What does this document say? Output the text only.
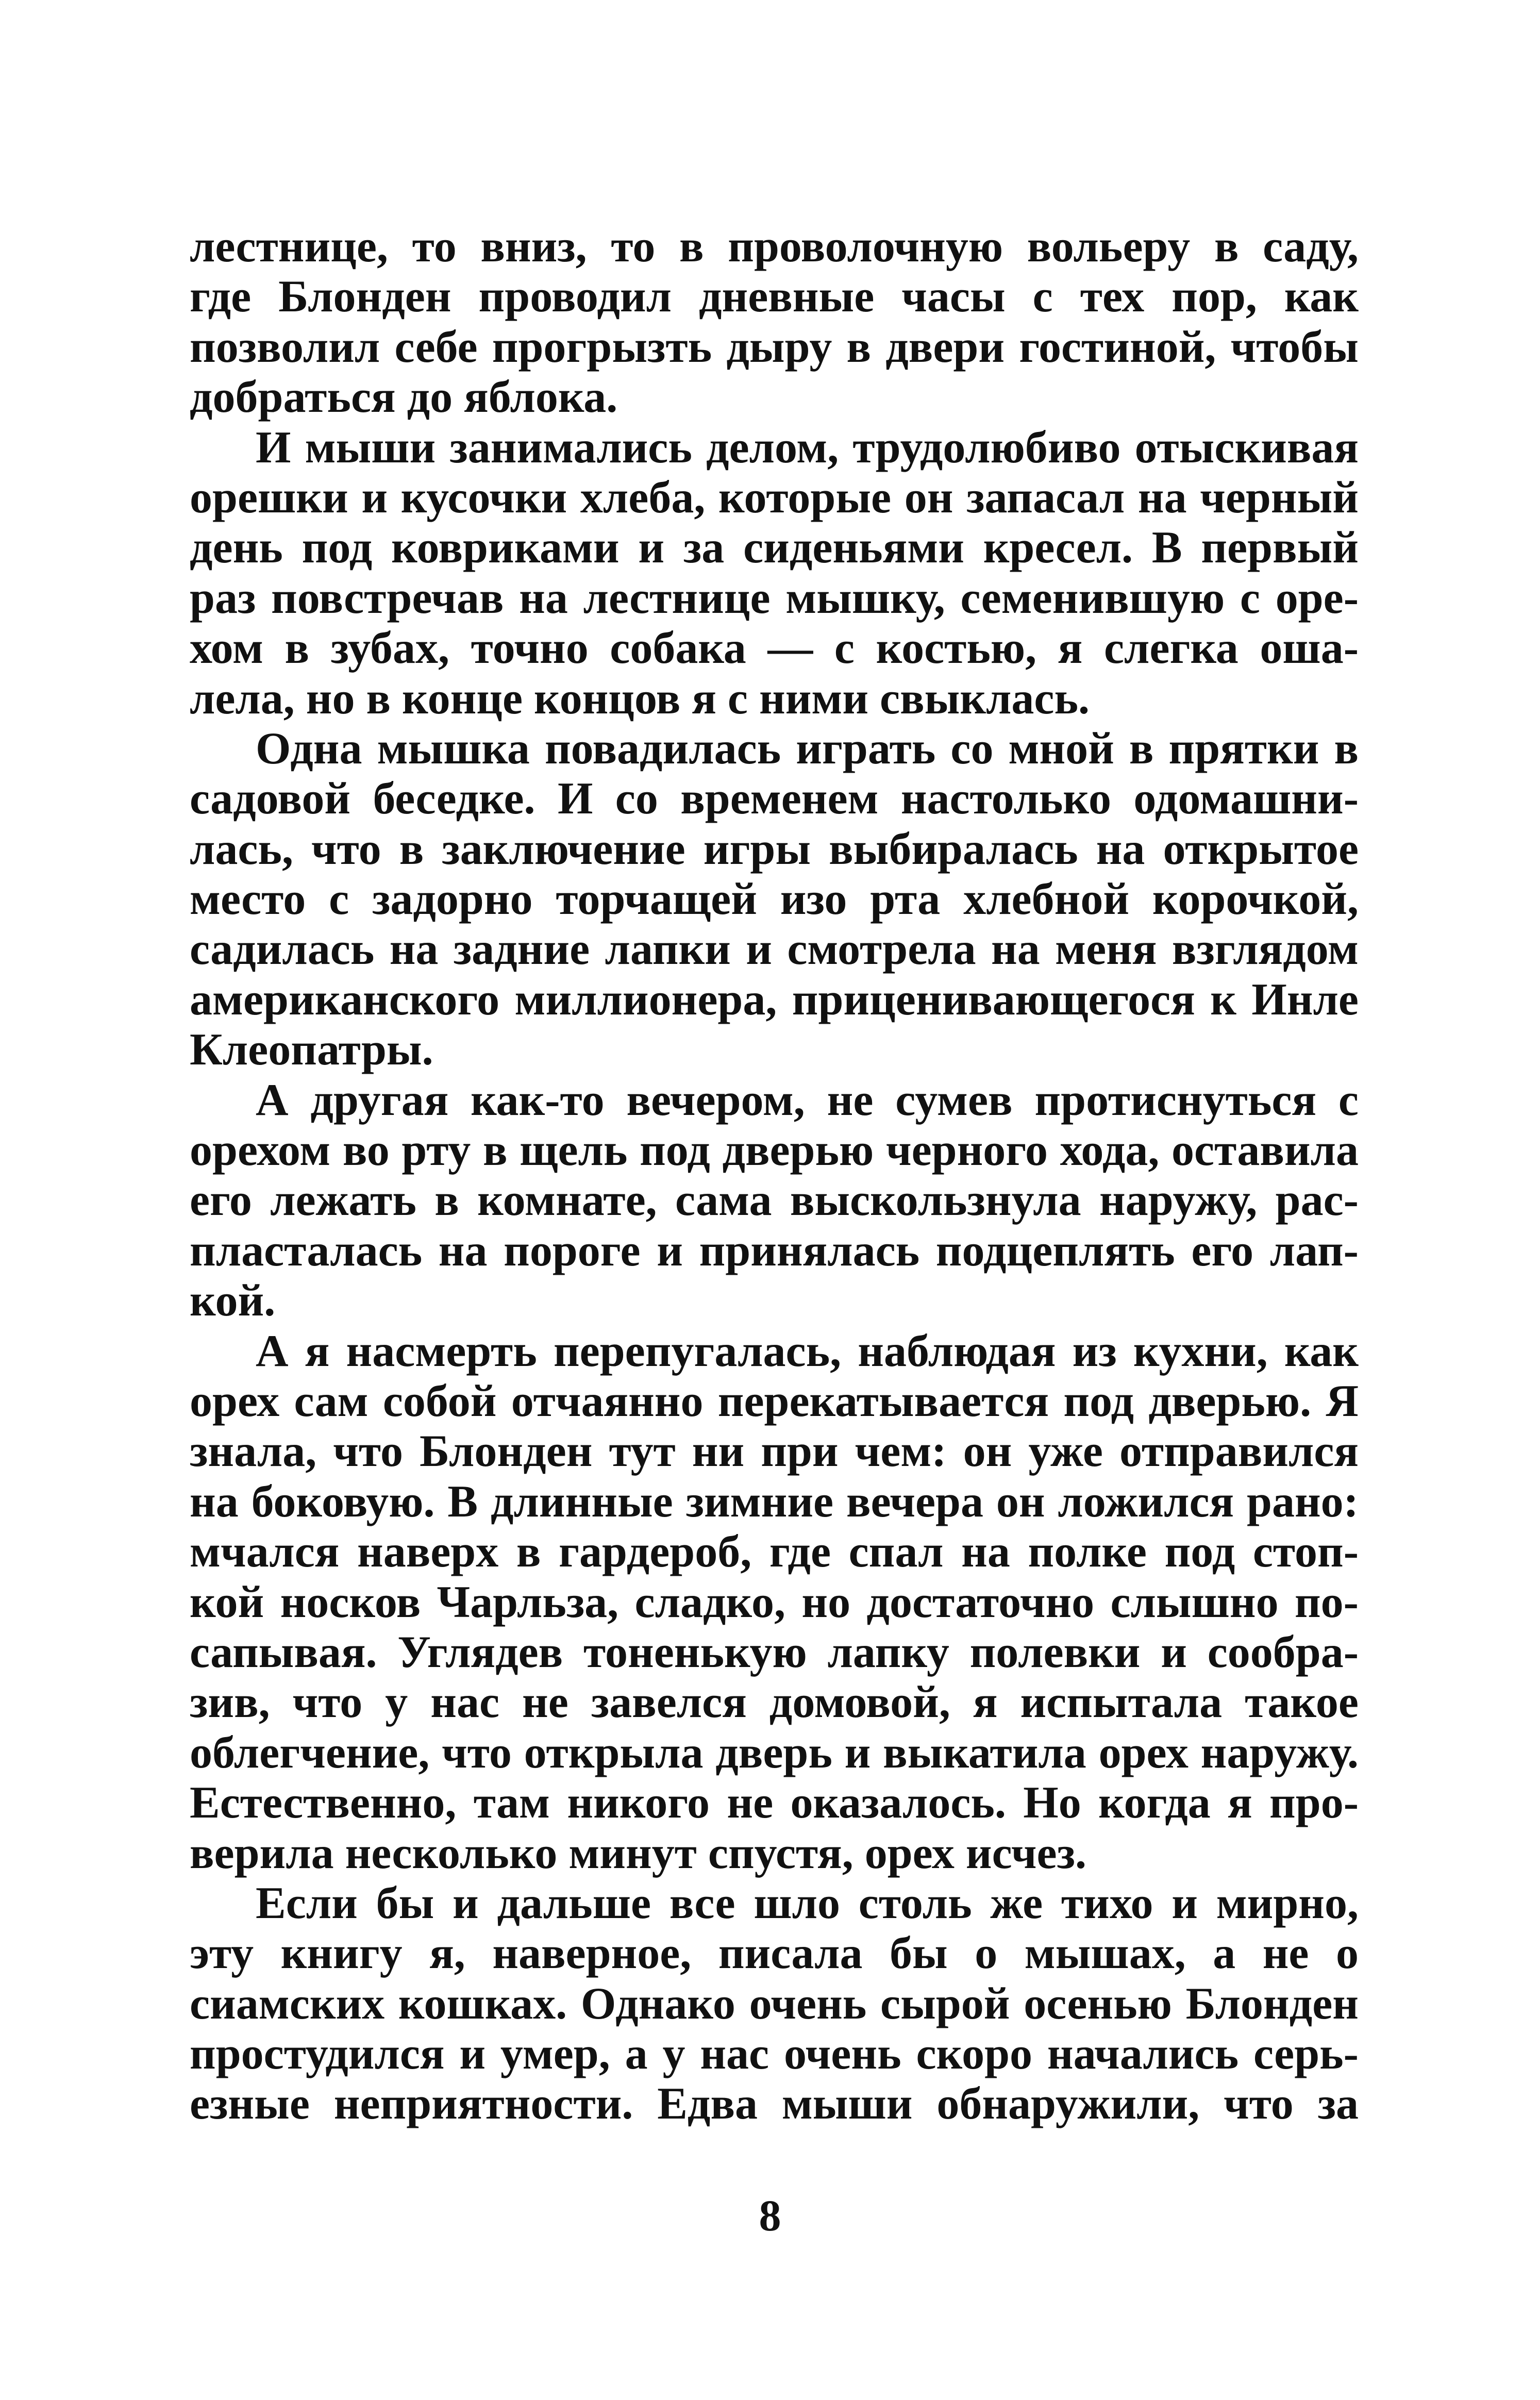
лестнице, то вниз, то в проволочную вольеру в саду,
где Блонден проводил дневные часы с тех пор, как
позволил себе прогрызть дыру в двери гостиной, чтобы
добраться до яблока.
И мыши занимались делом, трудолюбиво отыскивая
орешки и кусочки хлеба, которые он запасал на черный
день под ковриками и за сиденьями кресел. В первый
раз повстречав на лестнице мышку, семенившую с оре-
хом в зубах, точно собака — с костью, я слегка оша-
лела, но в конце концов я с ними свыклась.
Одна мышка повадилась играть со мной в прятки в
садовой беседке. И со временем настолько одомашни-
лась, что в заключение игры выбиралась на открытое
место с задорно торчащей изо рта хлебной корочкой,
садилась на задние лапки и смотрела на меня взглядом
американского миллионера, приценивающегося к Инле
Клеопатры.
А другая как-то вечером, не сумев протиснуться с
орехом во рту в щель под дверью черного хода, оставила
его лежать в комнате, сама выскользнула наружу, рас-
пласталась на пороге и принялась подцеплять его лап-
кой.
А я насмерть перепугалась, наблюдая из кухни, как
орех сам собой отчаянно перекатывается под дверью. Я
знала, что Блонден тут ни при чем: он уже отправился
на боковую. В длинные зимние вечера он ложился рано:
мчался наверх в гардероб, где спал на полке под стоп-
кой носков Чарльза, сладко, но достаточно слышно по-
сапывая. Углядев тоненькую лапку полевки и сообра-
зив, что у нас не завелся домовой, я испытала такое
облегчение, что открыла дверь и выкатила орех наружу.
Естественно, там никого не оказалось. Но когда я про-
верила несколько минут спустя, орех исчез.
Если бы и дальше все шло столь же тихо и мирно,
эту книгу я, наверное, писала бы о мышах, а не о
сиамских кошках. Однако очень сырой осенью Блонден
простудился и умер, а у нас очень скоро начались серь-
езные неприятности. Едва мыши обнаружили, что за
8
